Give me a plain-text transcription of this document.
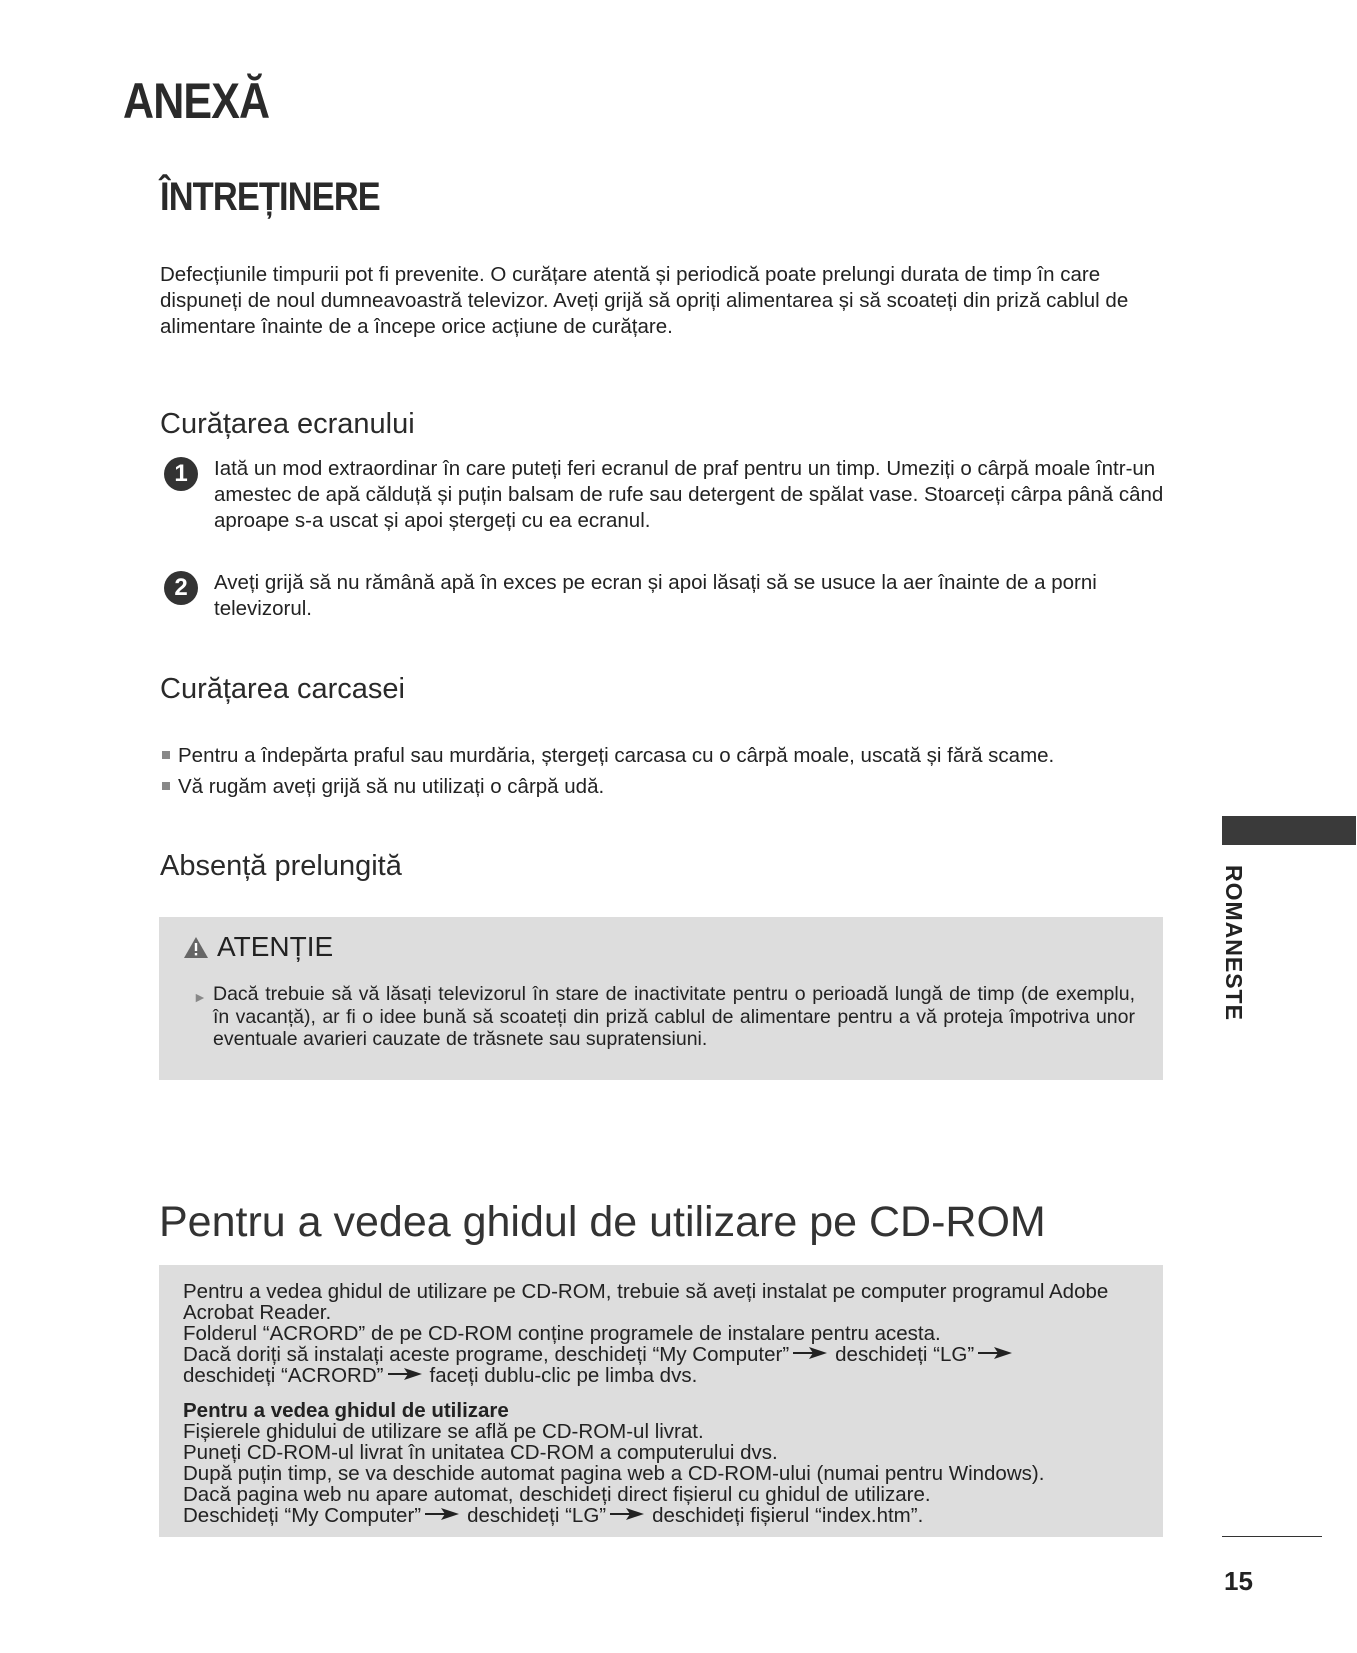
ANEXĂ
ÎNTREȚINERE
Defecțiunile timpurii pot fi prevenite. O curățare atentă și periodică poate prelungi durata de timp în care dispuneți de noul dumneavoastră televizor. Aveți grijă să opriți alimentarea și să scoateți din priză cablul de alimentare înainte de a începe orice acțiune de curățare.
Curățarea ecranului
1	Iată un mod extraordinar în care puteți feri ecranul de praf pentru un timp. Umeziți o cârpă moale într-un amestec de apă călduță și puțin balsam de rufe sau detergent de spălat vase. Stoarceți cârpa până când aproape s-a uscat și apoi ștergeți cu ea ecranul.
2	Aveți grijă să nu rămână apă în exces pe ecran și apoi lăsați să se usuce la aer înainte de a porni televizorul.
Curățarea carcasei
Pentru a îndepărta praful sau murdăria, ștergeți carcasa cu o cârpă moale, uscată și fără scame.
Vă rugăm aveți grijă să nu utilizați o cârpă udă.
Absență prelungită
ATENȚIE
► Dacă trebuie să vă lăsați televizorul în stare de inactivitate pentru o perioadă lungă de timp (de exemplu, în vacanță), ar fi o idee bună să scoateți din priză cablul de alimentare pentru a vă proteja împotriva unor eventuale avarieri cauzate de trăsnete sau supratensiuni.
Pentru a vedea ghidul de utilizare pe CD-ROM
Pentru a vedea ghidul de utilizare pe CD-ROM, trebuie să aveți instalat pe computer programul Adobe Acrobat Reader.
Folderul “ACRORD” de pe CD-ROM conține programele de instalare pentru acesta.
Dacă doriți să instalați aceste programe, deschideți “My Computer” deschideți “LG”
deschideți “ACRORD” faceți dublu-clic pe limba dvs.
Pentru a vedea ghidul de utilizare
Fișierele ghidului de utilizare se află pe CD-ROM-ul livrat.
Puneți CD-ROM-ul livrat în unitatea CD-ROM a computerului dvs.
După puțin timp, se va deschide automat pagina web a CD-ROM-ului (numai pentru Windows).
Dacă pagina web nu apare automat, deschideți direct fișierul cu ghidul de utilizare.
Deschideți “My Computer” deschideți “LG” deschideți fișierul “index.htm”.
ROMANESTE
15
